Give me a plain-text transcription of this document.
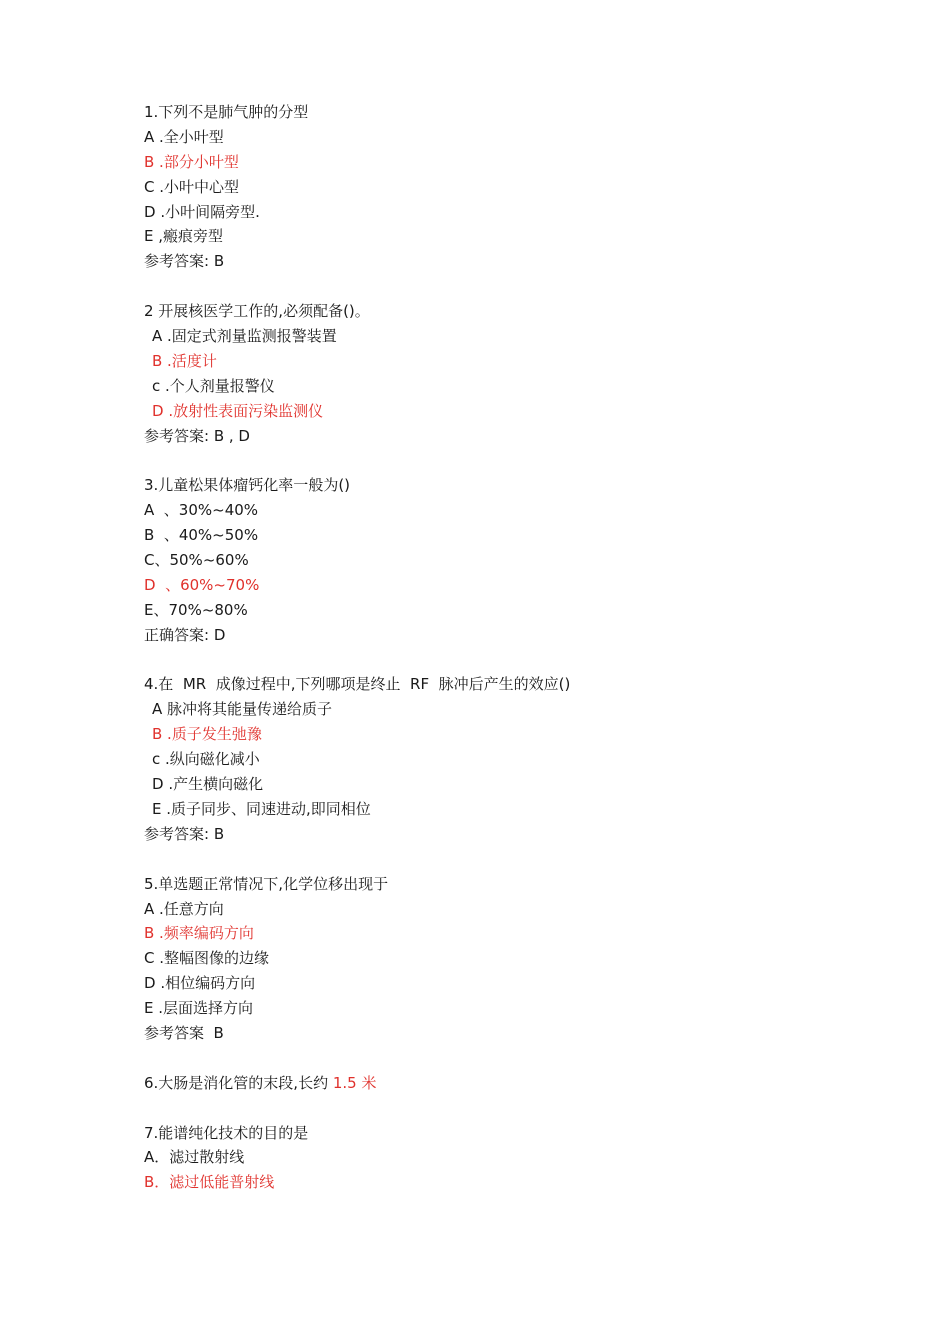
1.下列不是肺气肿的分型
A .全小叶型
B .部分小叶型
C .小叶中心型
D .小叶间隔旁型.
E ,瘢痕旁型
参考答案: B
2 开展核医学工作的,必须配备()。
A .固定式剂量监测报警装置
B .活度计
c .个人剂量报警仪
D .放射性表面污染监测仪
参考答案: B , D
3.儿童松果体瘤钙化率一般为()
A  、30%~40%
B  、40%~50%
C、50%~60%
D  、60%~70%
E、70%~80%
正确答案: D
4.在  MR  成像过程中,下列哪项是终止  RF  脉冲后产生的效应()
A 脉冲将其能量传递给质子
B .质子发生弛豫
c .纵向磁化减小
D .产生横向磁化
E .质子同步、同速进动,即同相位
参考答案: B
5.单选题正常情况下,化学位移出现于
A .任意方向
B .频率编码方向
C .整幅图像的边缘
D .相位编码方向
E .层面选择方向
参考答案  B
6.大肠是消化管的末段,长约 1.5 米
7.能谱纯化技术的目的是
A．滤过散射线
B．滤过低能普射线
